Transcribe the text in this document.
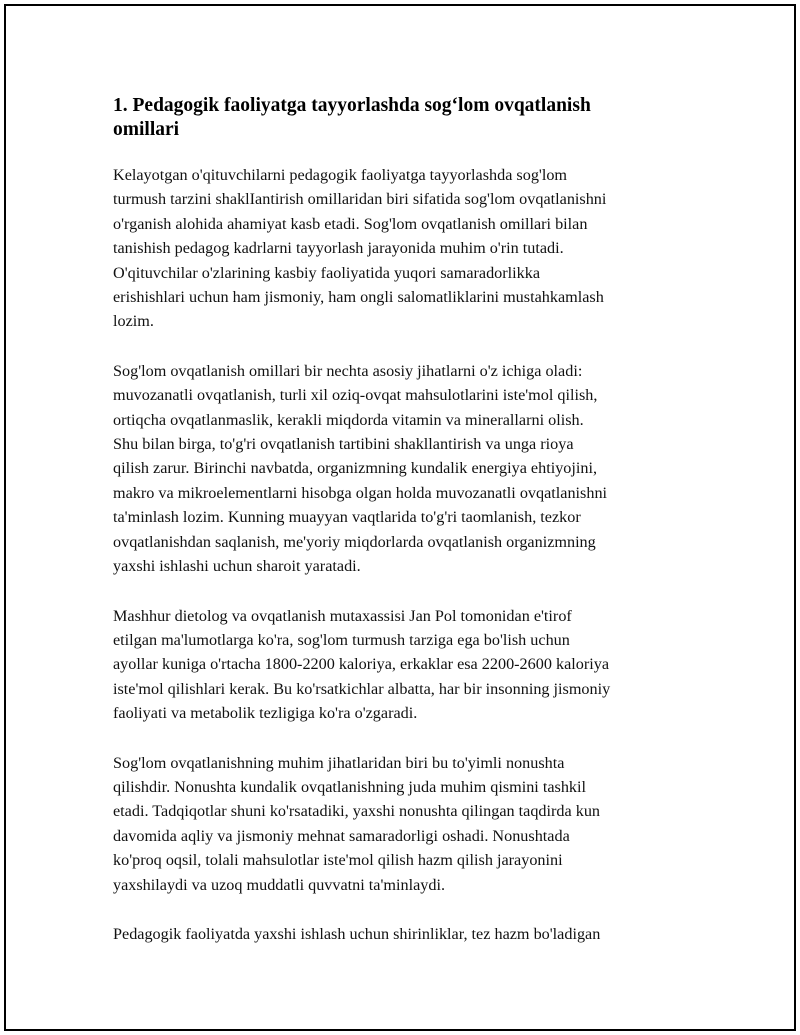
1. Pedagogik faoliyatga tayyorlashda sog‘lom ovqatlanish
omillari

Kelayotgan o'qituvchilarni pedagogik faoliyatga tayyorlashda sog'lom
turmush tarzini shaklIantirish omillaridan biri sifatida sog'lom ovqatlanishni
o'rganish alohida ahamiyat kasb etadi. Sog'lom ovqatlanish omillari bilan
tanishish pedagog kadrlarni tayyorlash jarayonida muhim o'rin tutadi.
O'qituvchilar o'zlarining kasbiy faoliyatida yuqori samaradorlikka
erishishlari uchun ham jismoniy, ham ongli salomatliklarini mustahkamlash
lozim.

Sog'lom ovqatlanish omillari bir nechta asosiy jihatlarni o'z ichiga oladi:
muvozanatli ovqatlanish, turli xil oziq-ovqat mahsulotlarini iste'mol qilish,
ortiqcha ovqatlanmaslik, kerakli miqdorda vitamin va minerallarni olish.
Shu bilan birga, to'g'ri ovqatlanish tartibini shakllantirish va unga rioya
qilish zarur. Birinchi navbatda, organizmning kundalik energiya ehtiyojini,
makro va mikroelementlarni hisobga olgan holda muvozanatli ovqatlanishni
ta'minlash lozim. Kunning muayyan vaqtlarida to'g'ri taomlanish, tezkor
ovqatlanishdan saqlanish, me'yoriy miqdorlarda ovqatlanish organizmning
yaxshi ishlashi uchun sharoit yaratadi.

Mashhur dietolog va ovqatlanish mutaxassisi Jan Pol tomonidan e'tirof
etilgan ma'lumotlarga ko'ra, sog'lom turmush tarziga ega bo'lish uchun
ayollar kuniga o'rtacha 1800-2200 kaloriya, erkaklar esa 2200-2600 kaloriya
iste'mol qilishlari kerak. Bu ko'rsatkichlar albatta, har bir insonning jismoniy
faoliyati va metabolik tezligiga ko'ra o'zgaradi.

Sog'lom ovqatlanishning muhim jihatlaridan biri bu to'yimli nonushta
qilishdir. Nonushta kundalik ovqatlanishning juda muhim qismini tashkil
etadi. Tadqiqotlar shuni ko'rsatadiki, yaxshi nonushta qilingan taqdirda kun
davomida aqliy va jismoniy mehnat samaradorligi oshadi. Nonushtada
ko'proq oqsil, tolali mahsulotlar iste'mol qilish hazm qilish jarayonini
yaxshilaydi va uzoq muddatli quvvatni ta'minlaydi.

Pedagogik faoliyatda yaxshi ishlash uchun shirinliklar, tez hazm bo'ladigan
